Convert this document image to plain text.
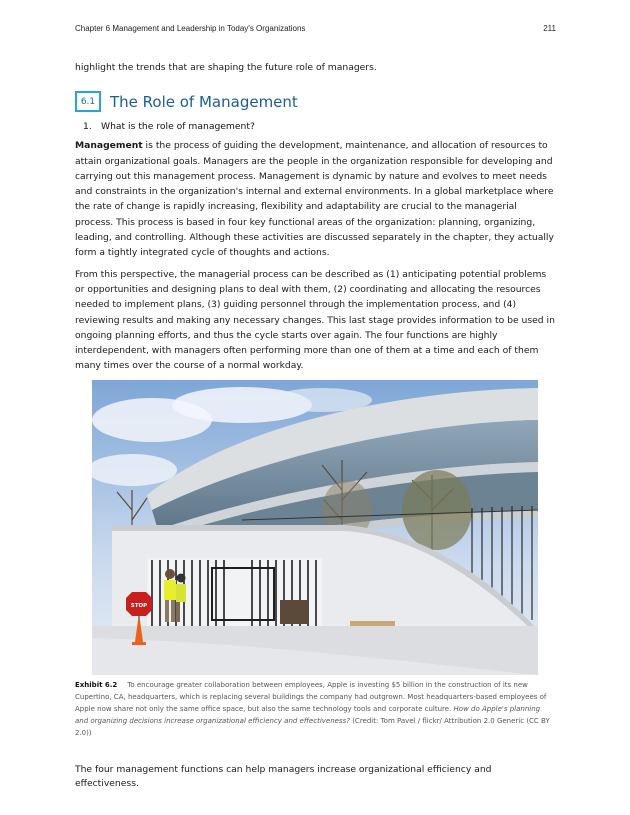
Chapter 6 Management and Leadership in Today's Organizations	211

highlight the trends that are shaping the future role of managers.

6.1 The Role of Management
1.	What is the role of management?

Management is the process of guiding the development, maintenance, and allocation of resources to attain organizational goals. Managers are the people in the organization responsible for developing and carrying out this management process. Management is dynamic by nature and evolves to meet needs and constraints in the organization's internal and external environments. In a global marketplace where the rate of change is rapidly increasing, flexibility and adaptability are crucial to the managerial process. This process is based in four key functional areas of the organization: planning, organizing, leading, and controlling. Although these activities are discussed separately in the chapter, they actually form a tightly integrated cycle of thoughts and actions.

From this perspective, the managerial process can be described as (1) anticipating potential problems or opportunities and designing plans to deal with them, (2) coordinating and allocating the resources needed to implement plans, (3) guiding personnel through the implementation process, and (4) reviewing results and making any necessary changes. This last stage provides information to be used in ongoing planning efforts, and thus the cycle starts over again. The four functions are highly interdependent, with managers often performing more than one of them at a time and each of them many times over the course of a normal workday.

STOP

Exhibit 6.2 To encourage greater collaboration between employees, Apple is investing $5 billion in the construction of its new Cupertino, CA, headquarters, which is replacing several buildings the company had outgrown. Most headquarters-based employees of Apple now share not only the same office space, but also the same technology tools and corporate culture. How do Apple's planning and organizing decisions increase organizational efficiency and effectiveness? (Credit: Tom Pavel / flickr/ Attribution 2.0 Generic (CC BY 2.0))

The four management functions can help managers increase organizational efficiency and effectiveness.
